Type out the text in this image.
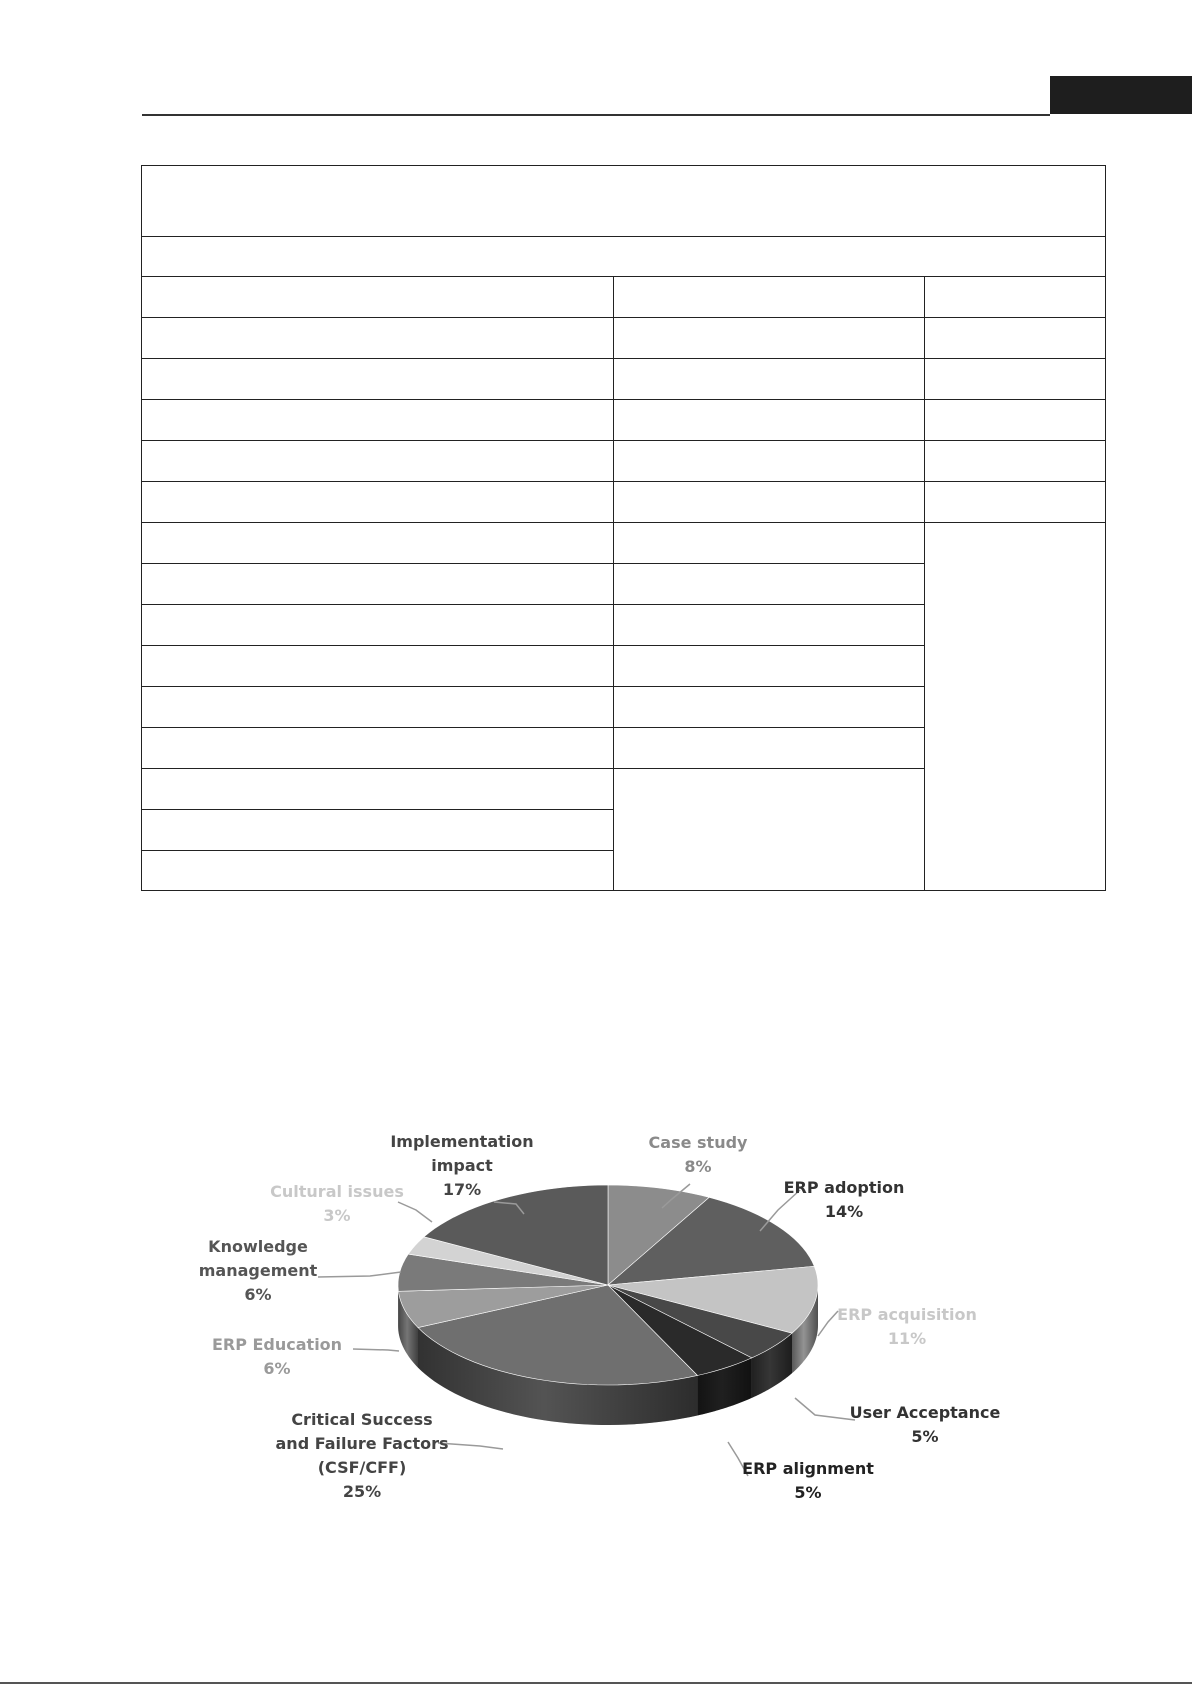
Case study
8%
ERP adoption
14%
ERP acquisition
11%
User Acceptance
5%
ERP alignment
5%
Critical Success
and Failure Factors
(CSF/CFF)
25%
ERP Education
6%
Knowledge
management
6%
Cultural issues
3%
Implementation
impact
17%
